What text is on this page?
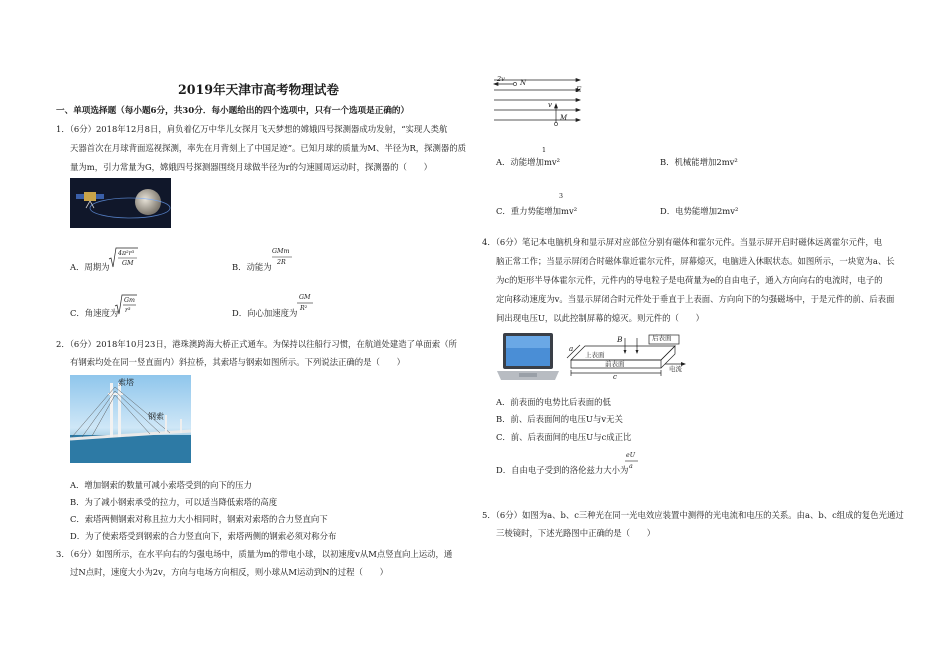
2019年天津市高考物理试卷
一、单项选择题（每小题6分，共30分．每小题给出的四个选项中，只有一个选项是正确的）
1．（6分）2018年12月8日，肩负着亿万中华儿女探月飞天梦想的嫦娥四号探测器成功发射，“实现人类航
天器首次在月球背面巡视探测，率先在月背刻上了中国足迹”。已知月球的质量为M、半径为R，探测器的质
量为m，引力常量为G，嫦娥四号探测器围绕月球做半径为r的匀速圆周运动时，探测器的（　　）
A．周期为
4π²r³
GM	B．动能为
GMm
2R
C．角速度为
Gm
r³	D．向心加速度为
GM
R²
2．（6分）2018年10月23日，港珠澳跨海大桥正式通车。为保持以往船行习惯，在航道处建造了单面索（所
有钢索均处在同一竖直面内）斜拉桥，其索塔与钢索如图所示。下列说法正确的是（　　）
索塔
钢索
A．增加钢索的数量可减小索塔受到的向下的压力
B．为了减小钢索承受的拉力，可以适当降低索塔的高度
C．索塔两侧钢索对称且拉力大小相同时，钢索对索塔的合力竖直向下
D．为了使索塔受到钢索的合力竖直向下，索塔两侧的钢索必须对称分布
3．（6分）如图所示，在水平向右的匀强电场中，质量为m的带电小球，以初速度v从M点竖直向上运动，通
过N点时，速度大小为2v，方向与电场方向相反，则小球从M运动到N的过程（　　）
2v N
E
v
M
1
A．动能增加mv²	B．机械能增加2mv²
3
C．重力势能增加mv²	D．电势能增加2mv²
4．（6分）笔记本电脑机身和显示屏对应部位分别有磁体和霍尔元件。当显示屏开启时磁体远离霍尔元件，电
脑正常工作；当显示屏闭合时磁体靠近霍尔元件，屏幕熄灭，电脑进入休眠状态。如图所示，一块宽为a、长
为c的矩形半导体霍尔元件，元件内的导电粒子是电荷量为e的自由电子，通入方向向右的电流时，电子的
定向移动速度为v。当显示屏闭合时元件处于垂直于上表面、方向向下的匀强磁场中，于是元件的前、后表面
间出现电压U，以此控制屏幕的熄灭。则元件的（　　）
a
B	后表面
上表面
前表面
c
电流
A．前表面的电势比后表面的低
B．前、后表面间的电压U与v无关
C．前、后表面间的电压U与c成正比
D．自由电子受到的洛伦兹力大小为
eU
a
5．（6分）如图为a、b、c三种光在同一光电效应装置中测得的光电流和电压的关系。由a、b、c组成的复色光通过
三棱镜时，下述光路图中正确的是（　　）
